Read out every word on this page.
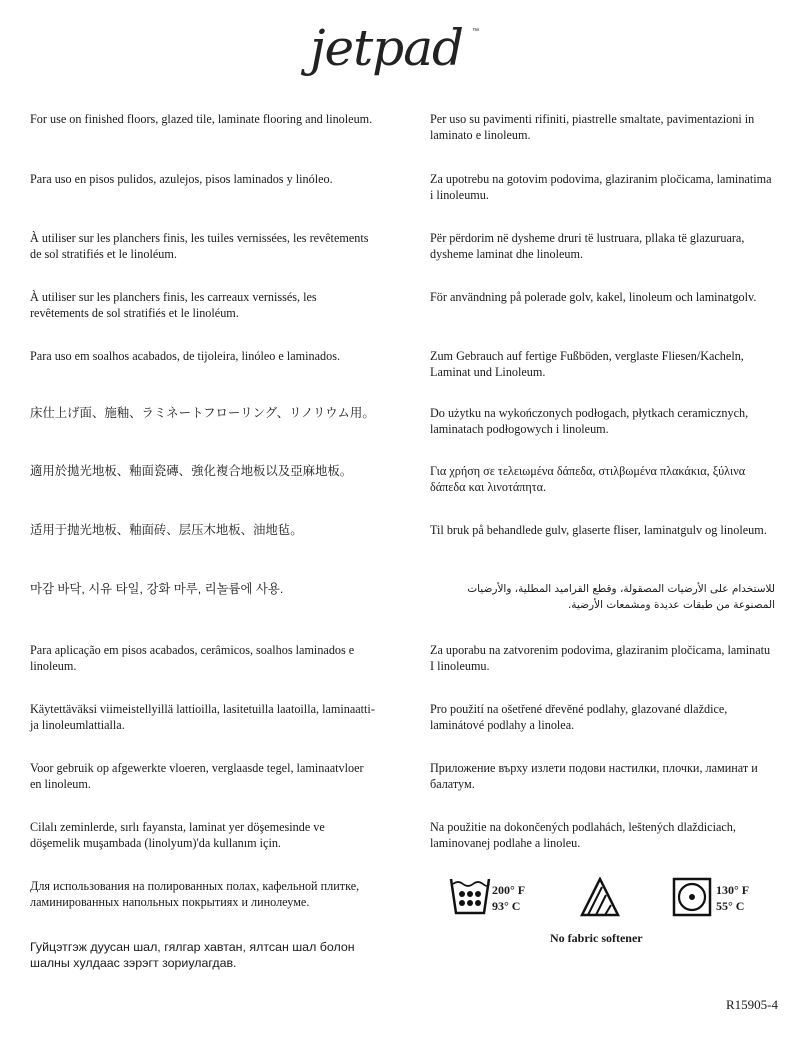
jetpad ™
For use on finished floors, glazed tile, laminate flooring and linoleum.
Para uso en pisos pulidos, azulejos, pisos laminados y linóleo.
À utiliser sur les planchers finis, les tuiles vernissées, les revêtements de sol stratifiés et le linoléum.
À utiliser sur les planchers finis, les carreaux vernissés, les revêtements de sol stratifiés et le linoléum.
Para uso em soalhos acabados, de tijoleira, linóleo e laminados.
床仕上げ面、施釉、ラミネートフローリング、リノリウム用。
適用於拋光地板、釉面瓷磚、強化複合地板以及亞麻地板。
适用于抛光地板、釉面砖、层压木地板、油地毡。
마감 바닥, 시유 타일, 강화 마루, 리놀륨에 사용.
Para aplicação em pisos acabados, cerâmicos, soalhos laminados e linoleum.
Käytettäväksi viimeistellyillä lattioilla, lasitetuilla laatoilla, laminaatti- ja linoleumlattialla.
Voor gebruik op afgewerkte vloeren, verglaasde tegel, laminaatvloer en linoleum.
Cilalı zeminlerde, sırlı fayansta, laminat yer döşemesinde ve döşemelik muşambada (linolyum)'da kullanım için.
Для использования на полированных полах, кафельной плитке, ламинированных напольных покрытиях и линолеуме.
Гуйцэтгэж дуусан шал, гялгар хавтан, ялтсан шал болон шалны хулдаас зэрэгт зориулагдав.
Per uso su pavimenti rifiniti, piastrelle smaltate, pavimentazioni in laminato e linoleum.
Za upotrebu na gotovim podovima, glaziranim pločicama, laminatima i linoleumu.
Për përdorim në dysheme druri të lustruara, pllaka të glazuruara, dysheme laminat dhe linoleum.
För användning på polerade golv, kakel, linoleum och laminatgolv.
Zum Gebrauch auf fertige Fußböden, verglaste Fliesen/Kacheln, Laminat und Linoleum.
Do użytku na wykończonych podłogach, płytkach ceramicznych, laminatach podłogowych i linoleum.
Για χρήση σε τελειωμένα δάπεδα, στιλβωμένα πλακάκια, ξύλινα δάπεδα και λινοτάπητα.
Til bruk på behandlede gulv, glaserte fliser, laminatgulv og linoleum.
للاستخدام على الأرضيات المصقولة، وقطع القراميد المطلية، والأرضيات المصنوعة من طبقات عديدة ومشمعات الأرضية.
Za uporabu na zatvorenim podovima, glaziranim pločicama, laminatu I linoleumu.
Pro použití na ošetřené dřevěné podlahy, glazované dlaždice, laminátové podlahy a linolea.
Приложение върху излети подови настилки, плочки, ламинат и балатум.
Na použitie na dokončených podlahách, leštených dlaždiciach, laminovanej podlahe a linoleu.
200° F
93° C
130° F
55° C
No fabric softener
R15905-4
